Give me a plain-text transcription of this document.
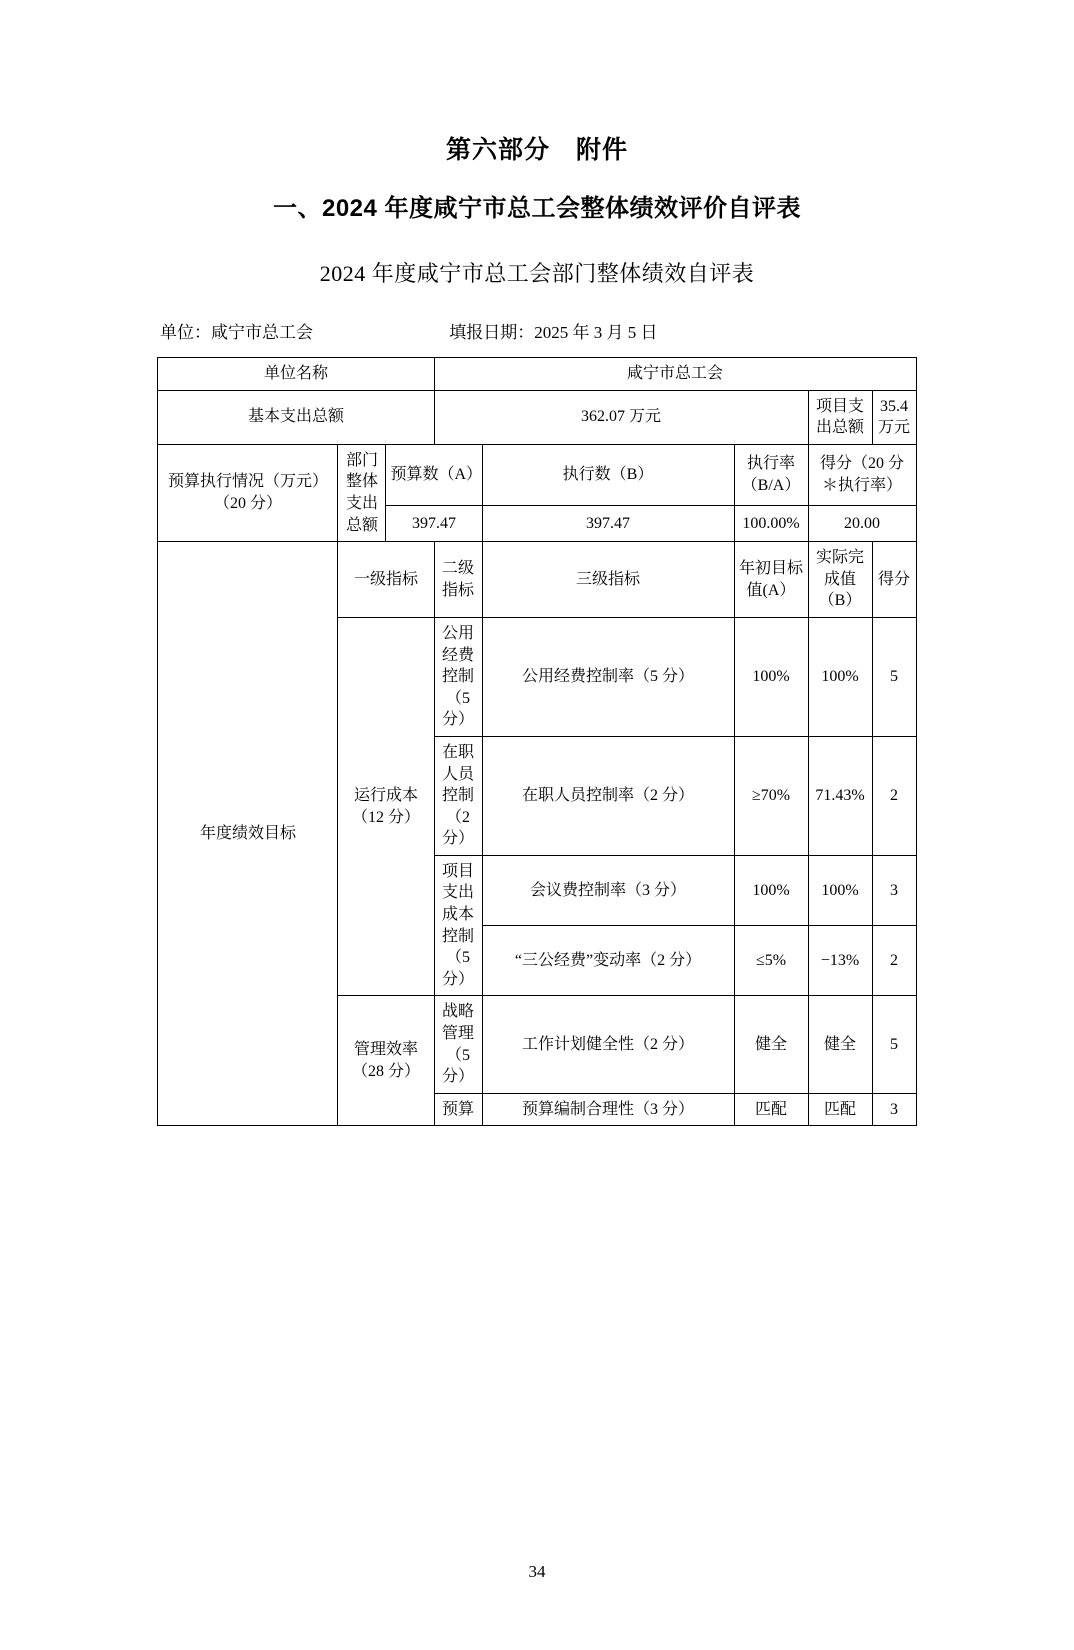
第六部分　附件
一、2024 年度咸宁市总工会整体绩效评价自评表
2024 年度咸宁市总工会部门整体绩效自评表
单位：咸宁市总工会	填报日期：2025 年 3 月 5 日
单位名称			咸宁市总工会				
基本支出总额			362.07 万元			项目支出总额	35.4 万元
预算执行情况（万元）（20 分）	部门整体支出总额	预算数（A）		执行数（B）	执行率（B/A）	得分（20 分＊执行率）	
		397.47		397.47	100.00%	20.00	
年度绩效目标	一级指标		二级指标	三级指标	年初目标值(A）	实际完成值（B）	得分
	运行成本（12 分）		公用经费控制（5 分）	公用经费控制率（5 分）	100%	100%	5
			在职人员控制（2 分）	在职人员控制率（2 分）	≥70%	71.43%	2
			项目支出成本控制（5 分）	会议费控制率（3 分）	100%	100%	3
				“三公经费”变动率（2 分）	≤5%	−13%	2
	管理效率（28 分）		战略管理（5 分）	工作计划健全性（2 分）	健全	健全	5
			预算	预算编制合理性（3 分）	匹配	匹配	3
34
